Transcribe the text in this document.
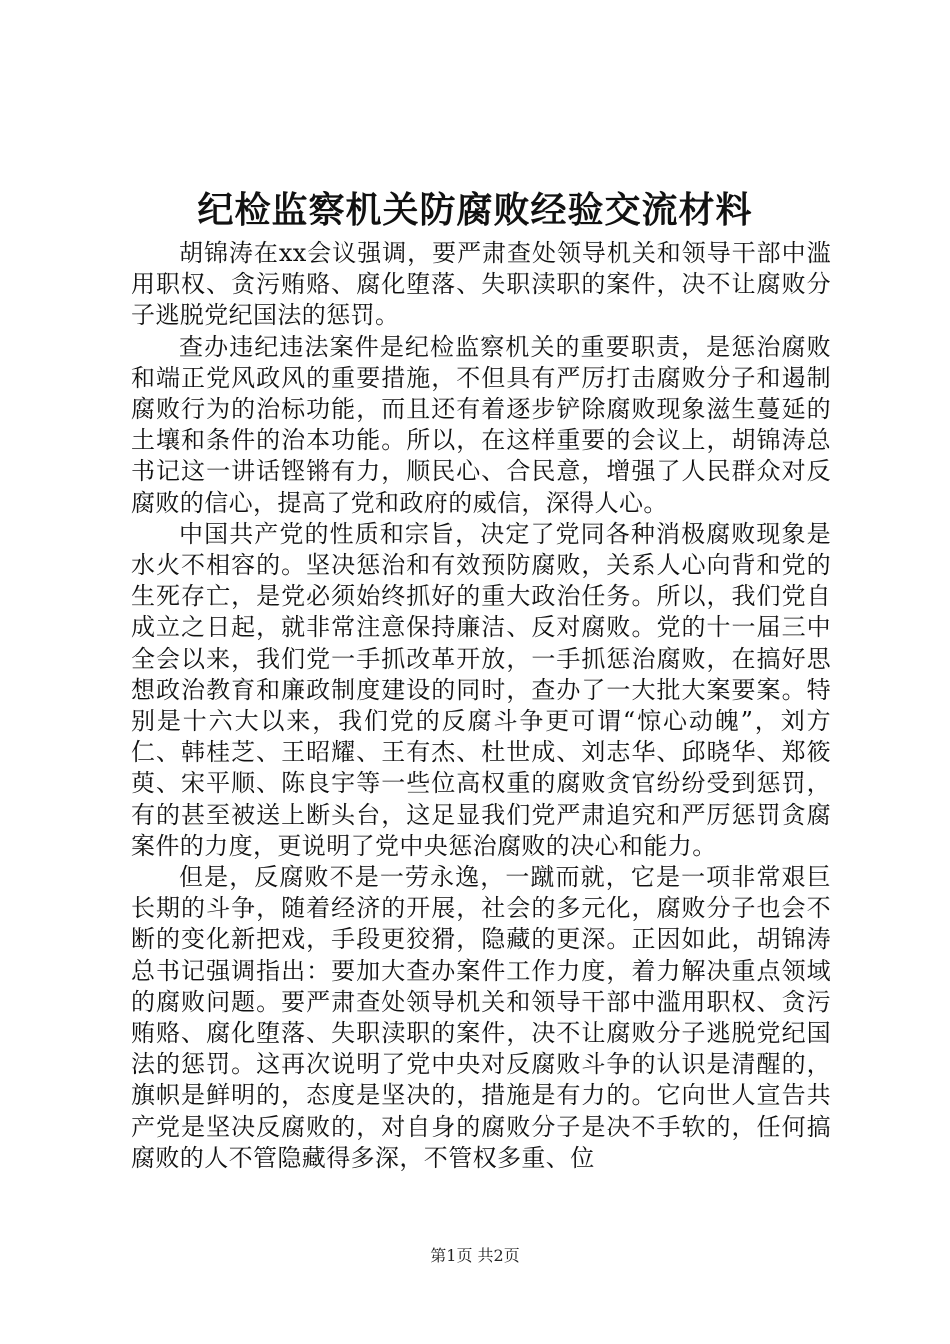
纪检监察机关防腐败经验交流材料

胡锦涛在xx会议强调，要严肃查处领导机关和领导干部中滥用职权、贪污贿赂、腐化堕落、失职渎职的案件，决不让腐败分子逃脱党纪国法的惩罚。

查办违纪违法案件是纪检监察机关的重要职责，是惩治腐败和端正党风政风的重要措施，不但具有严厉打击腐败分子和遏制腐败行为的治标功能，而且还有着逐步铲除腐败现象滋生蔓延的土壤和条件的治本功能。所以，在这样重要的会议上，胡锦涛总书记这一讲话铿锵有力，顺民心、合民意，增强了人民群众对反腐败的信心，提高了党和政府的威信，深得人心。

中国共产党的性质和宗旨，决定了党同各种消极腐败现象是水火不相容的。坚决惩治和有效预防腐败，关系人心向背和党的生死存亡，是党必须始终抓好的重大政治任务。所以，我们党自成立之日起，就非常注意保持廉洁、反对腐败。党的十一届三中全会以来，我们党一手抓改革开放，一手抓惩治腐败，在搞好思想政治教育和廉政制度建设的同时，查办了一大批大案要案。特别是十六大以来，我们党的反腐斗争更可谓“惊心动魄”，刘方仁、韩桂芝、王昭耀、王有杰、杜世成、刘志华、邱晓华、郑筱萸、宋平顺、陈良宇等一些位高权重的腐败贪官纷纷受到惩罚，有的甚至被送上断头台，这足显我们党严肃追究和严厉惩罚贪腐案件的力度，更说明了党中央惩治腐败的决心和能力。

但是，反腐败不是一劳永逸，一蹴而就，它是一项非常艰巨长期的斗争，随着经济的开展，社会的多元化，腐败分子也会不断的变化新把戏，手段更狡猾，隐藏的更深。正因如此，胡锦涛总书记强调指出：要加大查办案件工作力度，着力解决重点领域的腐败问题。要严肃查处领导机关和领导干部中滥用职权、贪污贿赂、腐化堕落、失职渎职的案件，决不让腐败分子逃脱党纪国法的惩罚。这再次说明了党中央对反腐败斗争的认识是清醒的，旗帜是鲜明的，态度是坚决的，措施是有力的。它向世人宣告共产党是坚决反腐败的，对自身的腐败分子是决不手软的，任何搞腐败的人不管隐藏得多深，不管权多重、位

第1页 共2页
